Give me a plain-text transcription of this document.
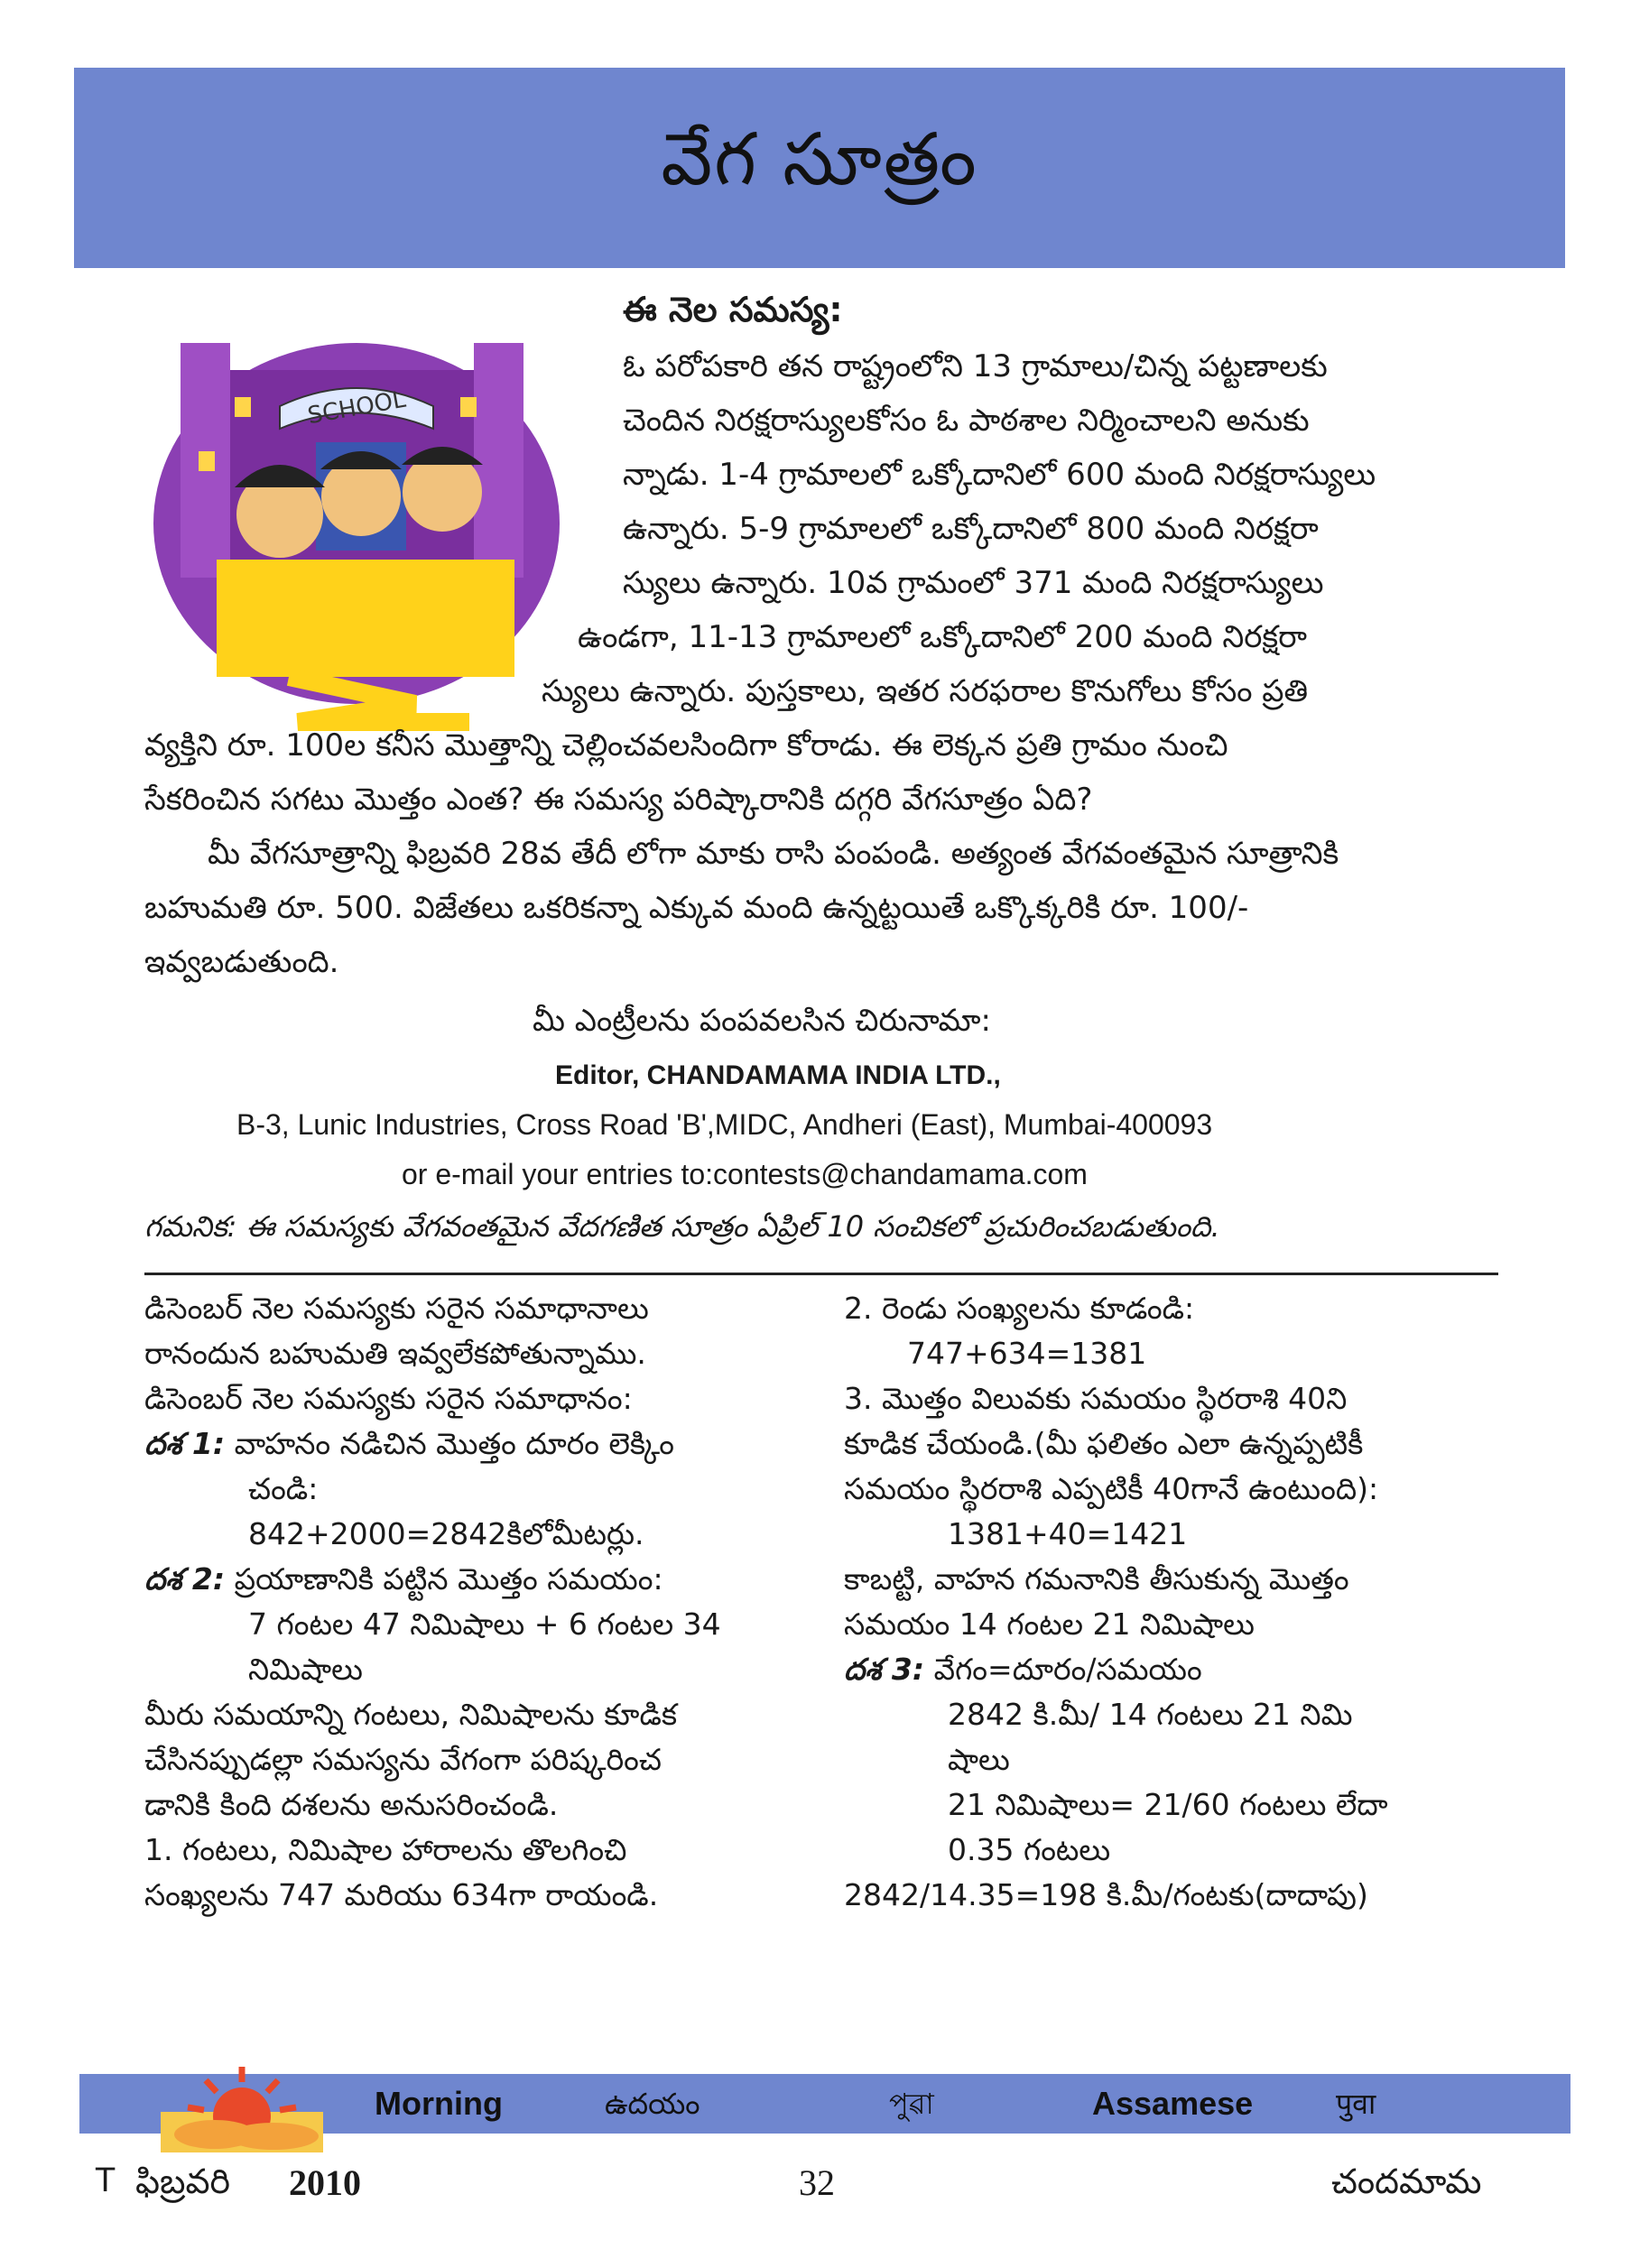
వేగ సూత్రం
SCHOOL
ఈ నెల సమస్య:
ఓ పరోపకారి తన రాష్ట్రంలోని 13 గ్రామాలు/చిన్న పట్టణాలకు
చెందిన నిరక్షరాస్యులకోసం ఓ పాఠశాల నిర్మించాలని అనుకు
న్నాడు. 1-4 గ్రామాలలో ఒక్కోదానిలో 600 మంది నిరక్షరాస్యులు
ఉన్నారు. 5-9 గ్రామాలలో ఒక్కోదానిలో 800 మంది నిరక్షరా
స్యులు ఉన్నారు. 10వ గ్రామంలో 371 మంది నిరక్షరాస్యులు
ఉండగా, 11-13 గ్రామాలలో ఒక్కోదానిలో 200 మంది నిరక్షరా
స్యులు ఉన్నారు. పుస్తకాలు, ఇతర సరఫరాల కొనుగోలు కోసం ప్రతి
వ్యక్తిని రూ. 100ల కనీస మొత్తాన్ని చెల్లించవలసిందిగా కోరాడు. ఈ లెక్కన ప్రతి గ్రామం నుంచి
సేకరించిన సగటు మొత్తం ఎంత? ఈ సమస్య పరిష్కారానికి దగ్గరి వేగసూత్రం ఏది?
మీ వేగసూత్రాన్ని ఫిబ్రవరి 28వ తేదీ లోగా మాకు రాసి పంపండి. అత్యంత వేగవంతమైన సూత్రానికి
బహుమతి రూ. 500. విజేతలు ఒకరికన్నా ఎక్కువ మంది ఉన్నట్టయితే ఒక్కొక్కరికి రూ. 100/-
ఇవ్వబడుతుంది.
మీ ఎంట్రీలను పంపవలసిన చిరునామా:
Editor, CHANDAMAMA INDIA LTD.,
B-3, Lunic Industries, Cross Road 'B',MIDC, Andheri (East), Mumbai-400093
or e-mail your entries to:contests@chandamama.com
గమనిక: ఈ సమస్యకు వేగవంతమైన వేదగణిత సూత్రం ఏప్రిల్ 10 సంచికలో ప్రచురించబడుతుంది.
డిసెంబర్ నెల సమస్యకు సరైన సమాధానాలు
రానందున బహుమతి ఇవ్వలేకపోతున్నాము.
డిసెంబర్ నెల సమస్యకు సరైన సమాధానం:
దశ 1: వాహనం నడిచిన మొత్తం దూరం లెక్కిం
చండి:
842+2000=2842కిలోమీటర్లు.
దశ 2: ప్రయాణానికి పట్టిన మొత్తం సమయం:
7 గంటల 47 నిమిషాలు + 6 గంటల 34
నిమిషాలు
మీరు సమయాన్ని గంటలు, నిమిషాలను కూడిక
చేసినప్పుడల్లా సమస్యను వేగంగా పరిష్కరించ
డానికి కింది దశలను అనుసరించండి.
1. గంటలు, నిమిషాల హారాలను తొలగించి
సంఖ్యలను 747 మరియు 634గా రాయండి.
2. రెండు సంఖ్యలను కూడండి:
747+634=1381
3. మొత్తం విలువకు సమయం స్థిరరాశి 40ని
కూడిక చేయండి.(మీ ఫలితం ఎలా ఉన్నప్పటికీ
సమయం స్థిరరాశి ఎప్పటికీ 40గానే ఉంటుంది):
1381+40=1421
కాబట్టి, వాహన గమనానికి తీసుకున్న మొత్తం
సమయం 14 గంటల 21 నిమిషాలు
దశ 3: వేగం=దూరం/సమయం
2842 కి.మీ/ 14 గంటలు 21 నిమి
షాలు
21 నిమిషాలు= 21/60 గంటలు లేదా
0.35 గంటలు
2842/14.35=198 కి.మీ/గంటకు(దాదాపు)
Morning	ఉదయం	পুৱা	Assamese	पुवा
T ఫిబ్రవరి 2010	32	చందమామ
